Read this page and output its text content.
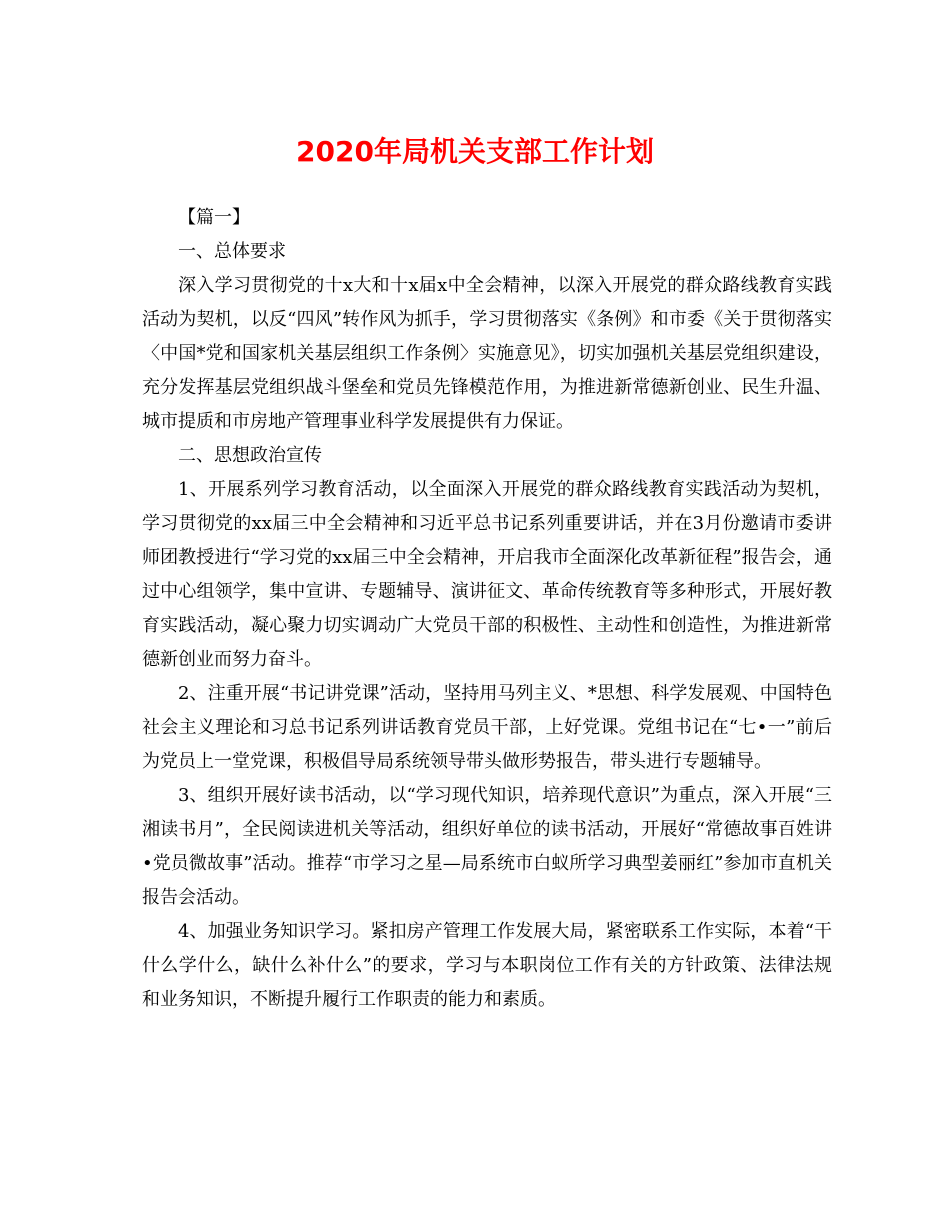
2020年局机关支部工作计划

【篇一】

一、总体要求

深入学习贯彻党的十x大和十x届x中全会精神，以深入开展党的群众路线教育实践活动为契机，以反“四风”转作风为抓手，学习贯彻落实《条例》和市委《关于贯彻落实〈中国*党和国家机关基层组织工作条例〉实施意见》，切实加强机关基层党组织建设，充分发挥基层党组织战斗堡垒和党员先锋模范作用，为推进新常德新创业、民生升温、城市提质和市房地产管理事业科学发展提供有力保证。

二、思想政治宣传

1、开展系列学习教育活动，以全面深入开展党的群众路线教育实践活动为契机，学习贯彻党的xx届三中全会精神和习近平总书记系列重要讲话，并在3月份邀请市委讲师团教授进行“学习党的xx届三中全会精神，开启我市全面深化改革新征程”报告会，通过中心组领学，集中宣讲、专题辅导、演讲征文、革命传统教育等多种形式，开展好教育实践活动，凝心聚力切实调动广大党员干部的积极性、主动性和创造性，为推进新常德新创业而努力奋斗。

2、注重开展“书记讲党课”活动，坚持用马列主义、*思想、科学发展观、中国特色社会主义理论和习总书记系列讲话教育党员干部，上好党课。党组书记在“七•一”前后为党员上一堂党课，积极倡导局系统领导带头做形势报告，带头进行专题辅导。

3、组织开展好读书活动，以“学习现代知识，培养现代意识”为重点，深入开展“三湘读书月”，全民阅读进机关等活动，组织好单位的读书活动，开展好“常德故事百姓讲•党员微故事”活动。推荐“市学习之星—局系统市白蚁所学习典型姜丽红”参加市直机关报告会活动。

4、加强业务知识学习。紧扣房产管理工作发展大局，紧密联系工作实际，本着“干什么学什么，缺什么补什么”的要求，学习与本职岗位工作有关的方针政策、法律法规和业务知识，不断提升履行工作职责的能力和素质。
